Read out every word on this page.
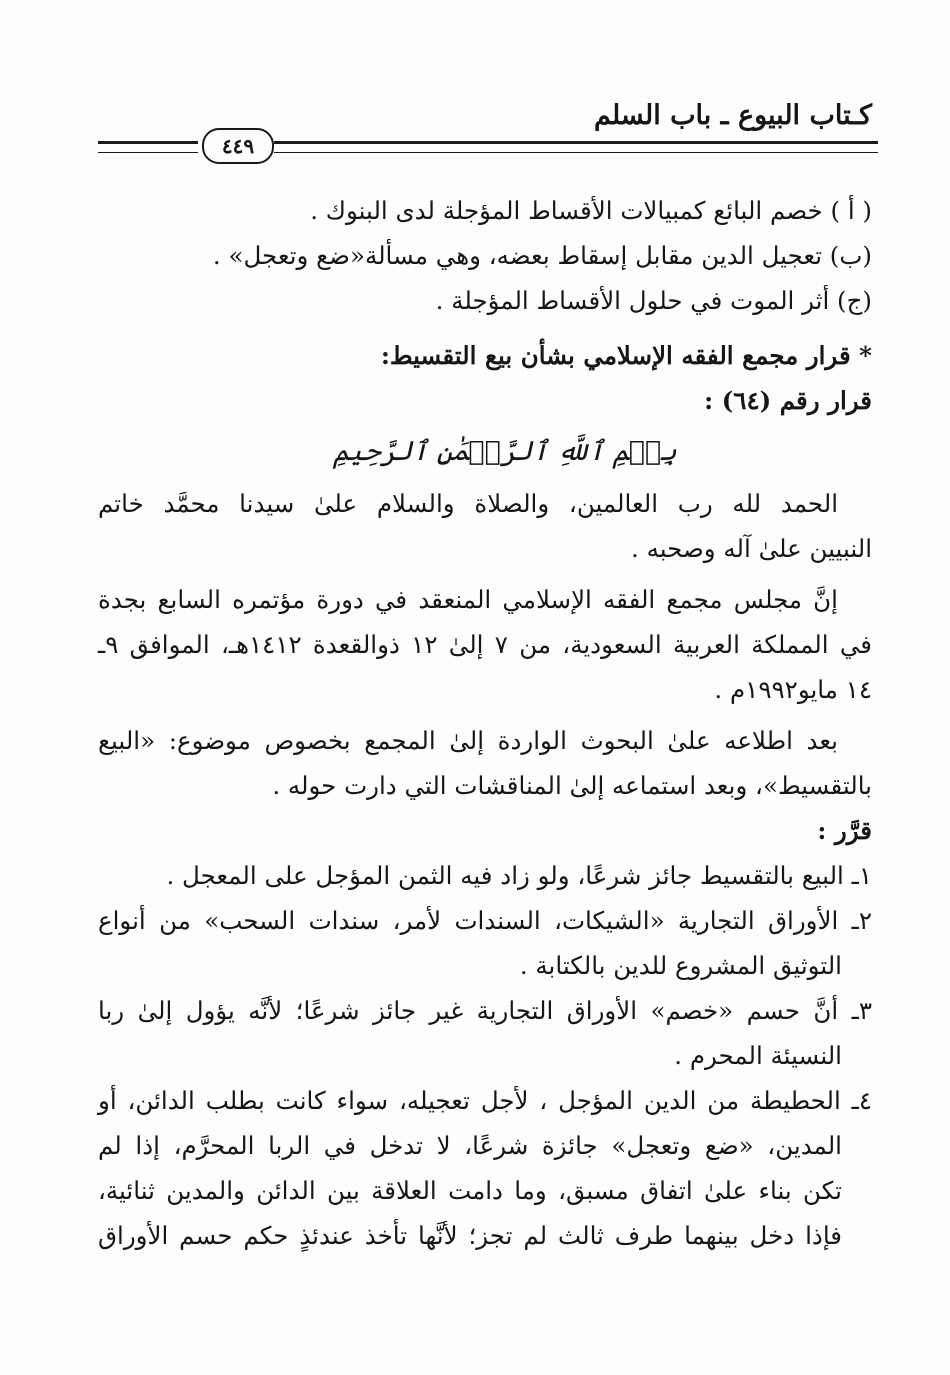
كـتاب البيوع ـ باب السلم
٤٤٩
( أ ) خصم البائع كمبيالات الأقساط المؤجلة لدى البنوك .
(ب) تعجيل الدين مقابل إسقاط بعضه، وهي مسألة«ضع وتعجل» .
(ج) أثر الموت في حلول الأقساط المؤجلة .
* قرار مجمع الفقه الإسلامي بشأن بيع التقسيط:
قرار رقم (٦٤) :
بِسۡمِ ٱللَّهِ ٱلرَّحۡمَٰنِ ٱلرَّحِيمِ
الحمد لله رب العالمين، والصلاة والسلام علىٰ سيدنا محمَّد خاتم
النبيين علىٰ آله وصحبه .
إنَّ مجلس مجمع الفقه الإسلامي المنعقد في دورة مؤتمره السابع بجدة
في المملكة العربية السعودية، من ٧ إلىٰ ١٢ ذوالقعدة ١٤١٢هـ، الموافق ٩ـ
١٤ مايو١٩٩٢م .
بعد اطلاعه علىٰ البحوث الواردة إلىٰ المجمع بخصوص موضوع: «البيع
بالتقسيط»، وبعد استماعه إلىٰ المناقشات التي دارت حوله .
قرَّر :
١ـ البيع بالتقسيط جائز شرعًا، ولو زاد فيه الثمن المؤجل على المعجل .
٢ـ الأوراق التجارية «الشيكات، السندات لأمر، سندات السحب» من أنواع
التوثيق المشروع للدين بالكتابة .
٣ـ أنَّ حسم «خصم» الأوراق التجارية غير جائز شرعًا؛ لأنَّه يؤول إلىٰ ربا
النسيئة المحرم .
٤ـ الحطيطة من الدين المؤجل ، لأجل تعجيله، سواء كانت بطلب الدائن، أو
المدين، «ضع وتعجل» جائزة شرعًا، لا تدخل في الربا المحرَّم، إذا لم
تكن بناء علىٰ اتفاق مسبق، وما دامت العلاقة بين الدائن والمدين ثنائية،
فإذا دخل بينهما طرف ثالث لم تجز؛ لأنَّها تأخذ عندئذٍ حكم حسم الأوراق
